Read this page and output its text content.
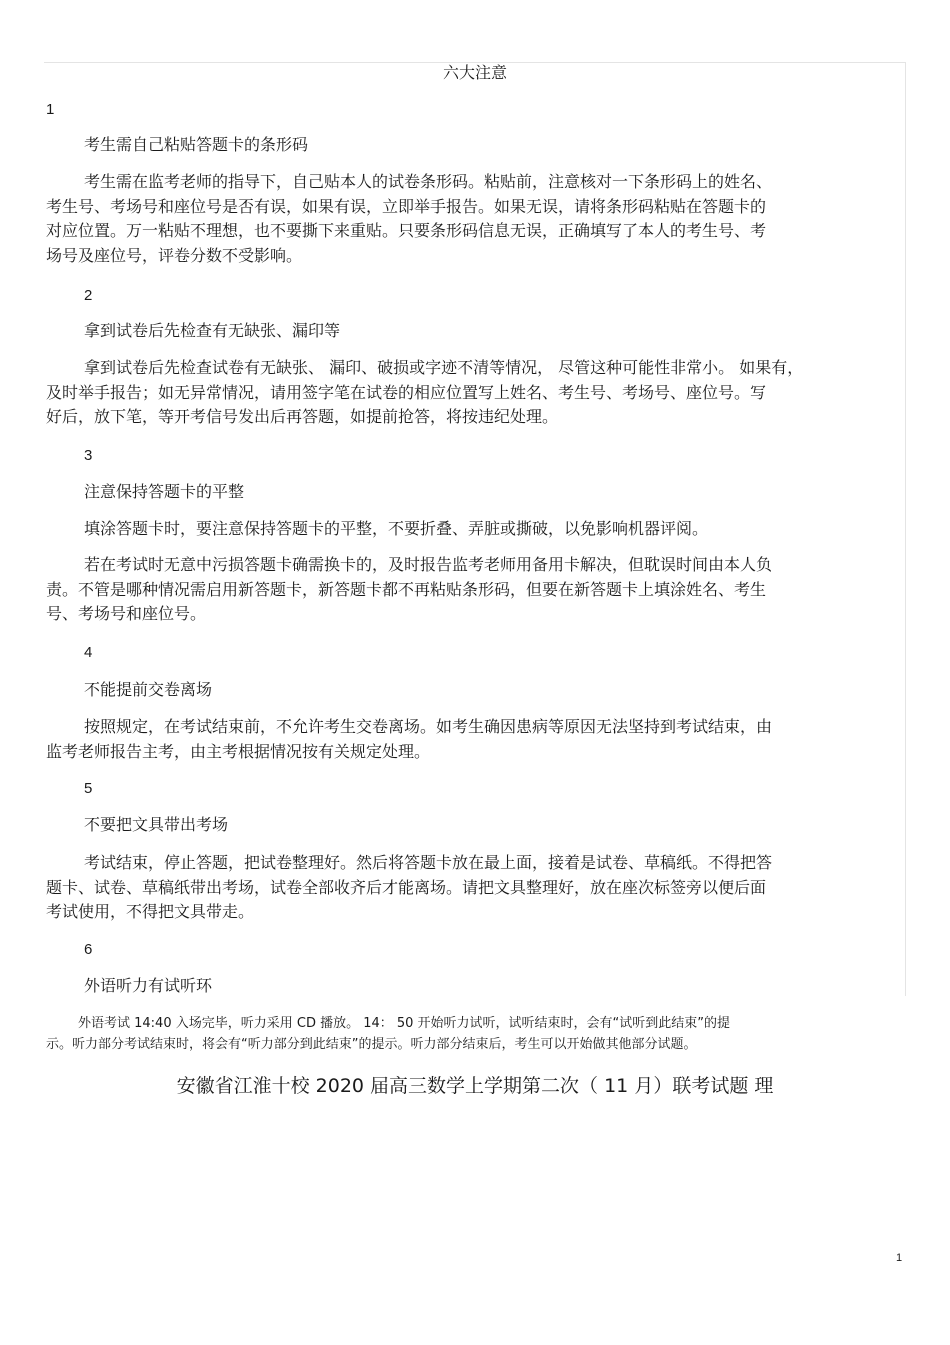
六大注意
1
考生需自己粘贴答题卡的条形码
考生需在监考老师的指导下，自己贴本人的试卷条形码。粘贴前，注意核对一下条形码上的姓名、
考生号、考场号和座位号是否有误，如果有误，立即举手报告。如果无误，请将条形码粘贴在答题卡的
对应位置。万一粘贴不理想，也不要撕下来重贴。只要条形码信息无误，正确填写了本人的考生号、考
场号及座位号，评卷分数不受影响。
2
拿到试卷后先检查有无缺张、漏印等
拿到试卷后先检查试卷有无缺张、 漏印、破损或字迹不清等情况， 尽管这种可能性非常小。 如果有，
及时举手报告；如无异常情况，请用签字笔在试卷的相应位置写上姓名、考生号、考场号、座位号。写
好后，放下笔，等开考信号发出后再答题，如提前抢答，将按违纪处理。
3
注意保持答题卡的平整
填涂答题卡时，要注意保持答题卡的平整，不要折叠、弄脏或撕破，以免影响机器评阅。
若在考试时无意中污损答题卡确需换卡的，及时报告监考老师用备用卡解决，但耽误时间由本人负
责。不管是哪种情况需启用新答题卡，新答题卡都不再粘贴条形码，但要在新答题卡上填涂姓名、考生
号、考场号和座位号。
4
不能提前交卷离场
按照规定，在考试结束前，不允许考生交卷离场。如考生确因患病等原因无法坚持到考试结束，由
监考老师报告主考，由主考根据情况按有关规定处理。
5
不要把文具带出考场
考试结束，停止答题，把试卷整理好。然后将答题卡放在最上面，接着是试卷、草稿纸。不得把答
题卡、试卷、草稿纸带出考场，试卷全部收齐后才能离场。请把文具整理好，放在座次标签旁以便后面
考试使用，不得把文具带走。
6
外语听力有试听环
外语考试 14:40 入场完毕，听力采用 CD 播放。 14： 50 开始听力试听，试听结束时，会有“试听到此结束”的提
示。听力部分考试结束时，将会有“听力部分到此结束”的提示。听力部分结束后，考生可以开始做其他部分试题。
安徽省江淮十校 2020 届高三数学上学期第二次（ 11 月）联考试题 理
1
